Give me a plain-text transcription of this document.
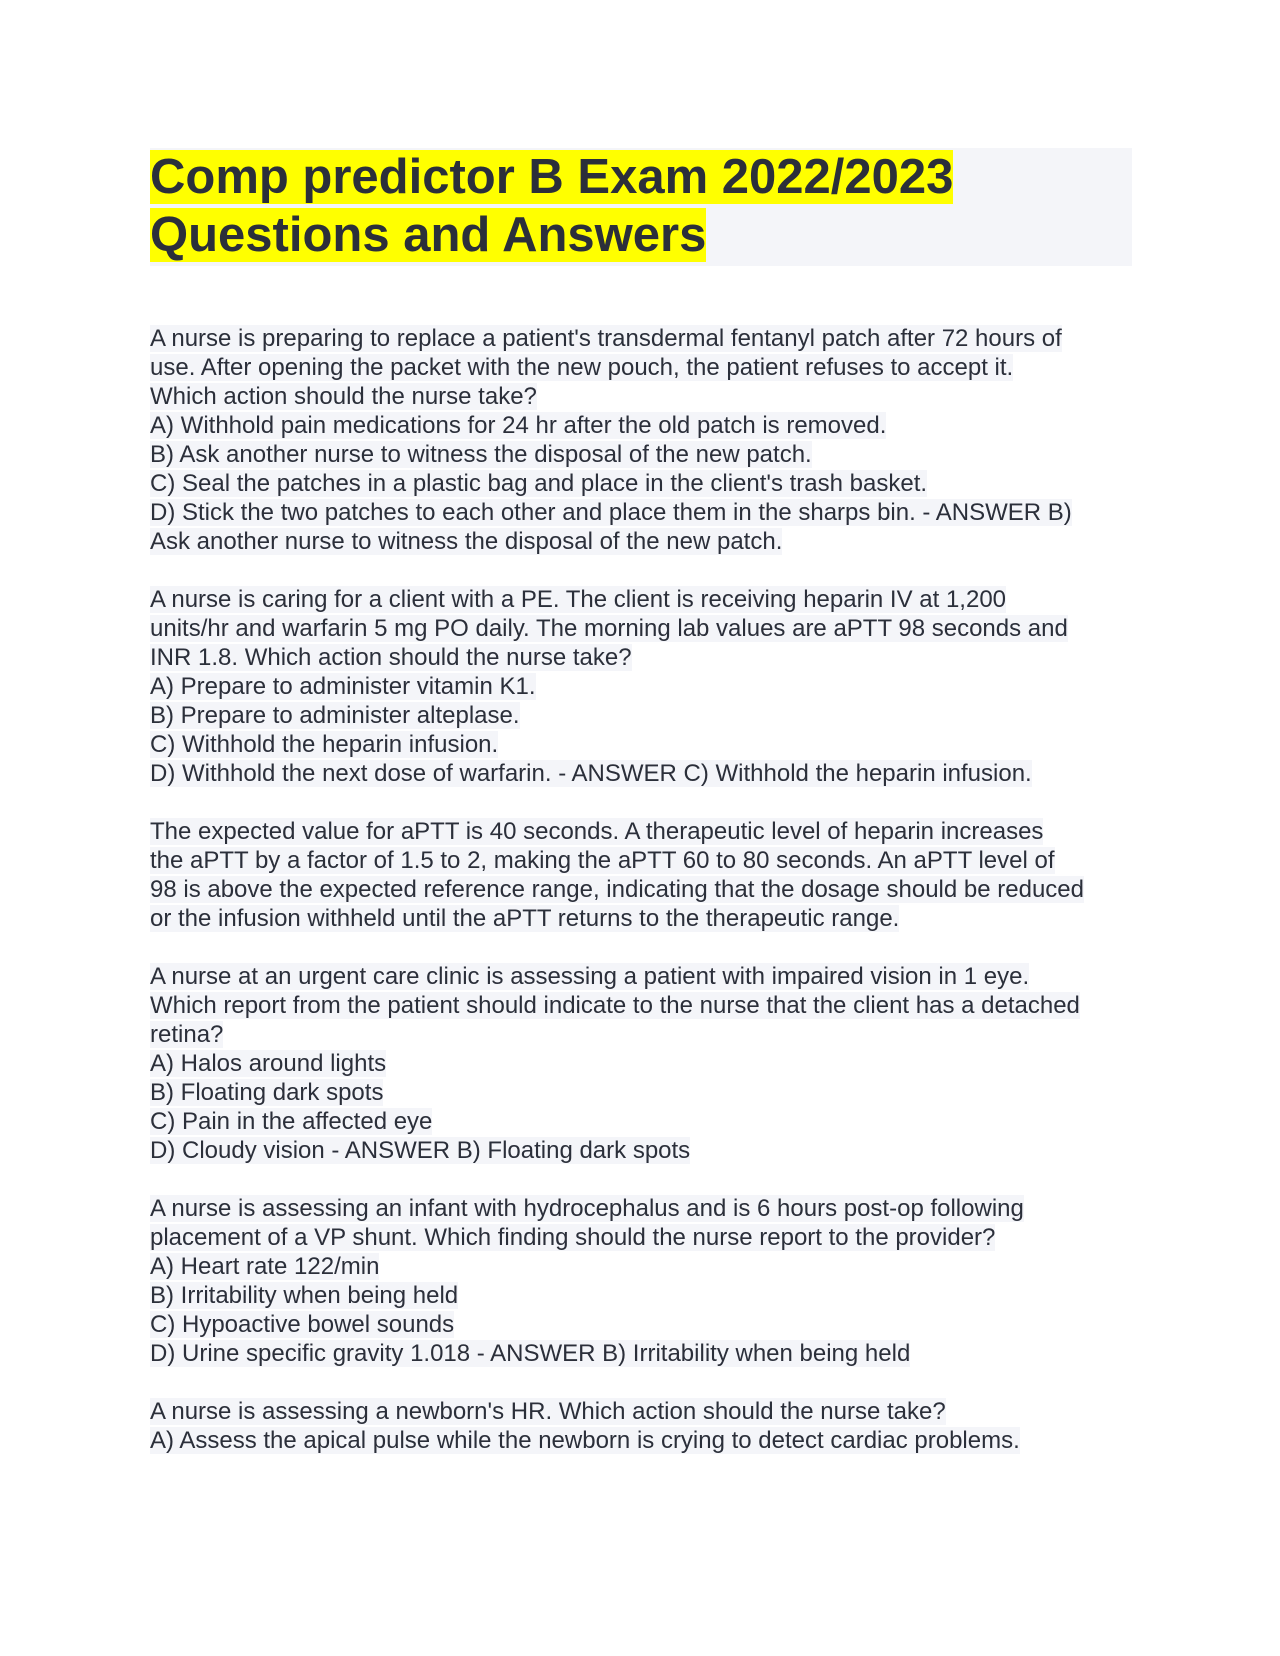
Comp predictor B Exam 2022/2023
Questions and Answers
A nurse is preparing to replace a patient's transdermal fentanyl patch after 72 hours of
use. After opening the packet with the new pouch, the patient refuses to accept it.
Which action should the nurse take?
A) Withhold pain medications for 24 hr after the old patch is removed.
B) Ask another nurse to witness the disposal of the new patch.
C) Seal the patches in a plastic bag and place in the client's trash basket.
D) Stick the two patches to each other and place them in the sharps bin. - ANSWER B)
Ask another nurse to witness the disposal of the new patch.
A nurse is caring for a client with a PE. The client is receiving heparin IV at 1,200
units/hr and warfarin 5 mg PO daily. The morning lab values are aPTT 98 seconds and
INR 1.8. Which action should the nurse take?
A) Prepare to administer vitamin K1.
B) Prepare to administer alteplase.
C) Withhold the heparin infusion.
D) Withhold the next dose of warfarin. - ANSWER C) Withhold the heparin infusion.
The expected value for aPTT is 40 seconds. A therapeutic level of heparin increases
the aPTT by a factor of 1.5 to 2, making the aPTT 60 to 80 seconds. An aPTT level of
98 is above the expected reference range, indicating that the dosage should be reduced
or the infusion withheld until the aPTT returns to the therapeutic range.
A nurse at an urgent care clinic is assessing a patient with impaired vision in 1 eye.
Which report from the patient should indicate to the nurse that the client has a detached
retina?
A) Halos around lights
B) Floating dark spots
C) Pain in the affected eye
D) Cloudy vision - ANSWER B) Floating dark spots
A nurse is assessing an infant with hydrocephalus and is 6 hours post-op following
placement of a VP shunt. Which finding should the nurse report to the provider?
A) Heart rate 122/min
B) Irritability when being held
C) Hypoactive bowel sounds
D) Urine specific gravity 1.018 - ANSWER B) Irritability when being held
A nurse is assessing a newborn's HR. Which action should the nurse take?
A) Assess the apical pulse while the newborn is crying to detect cardiac problems.
